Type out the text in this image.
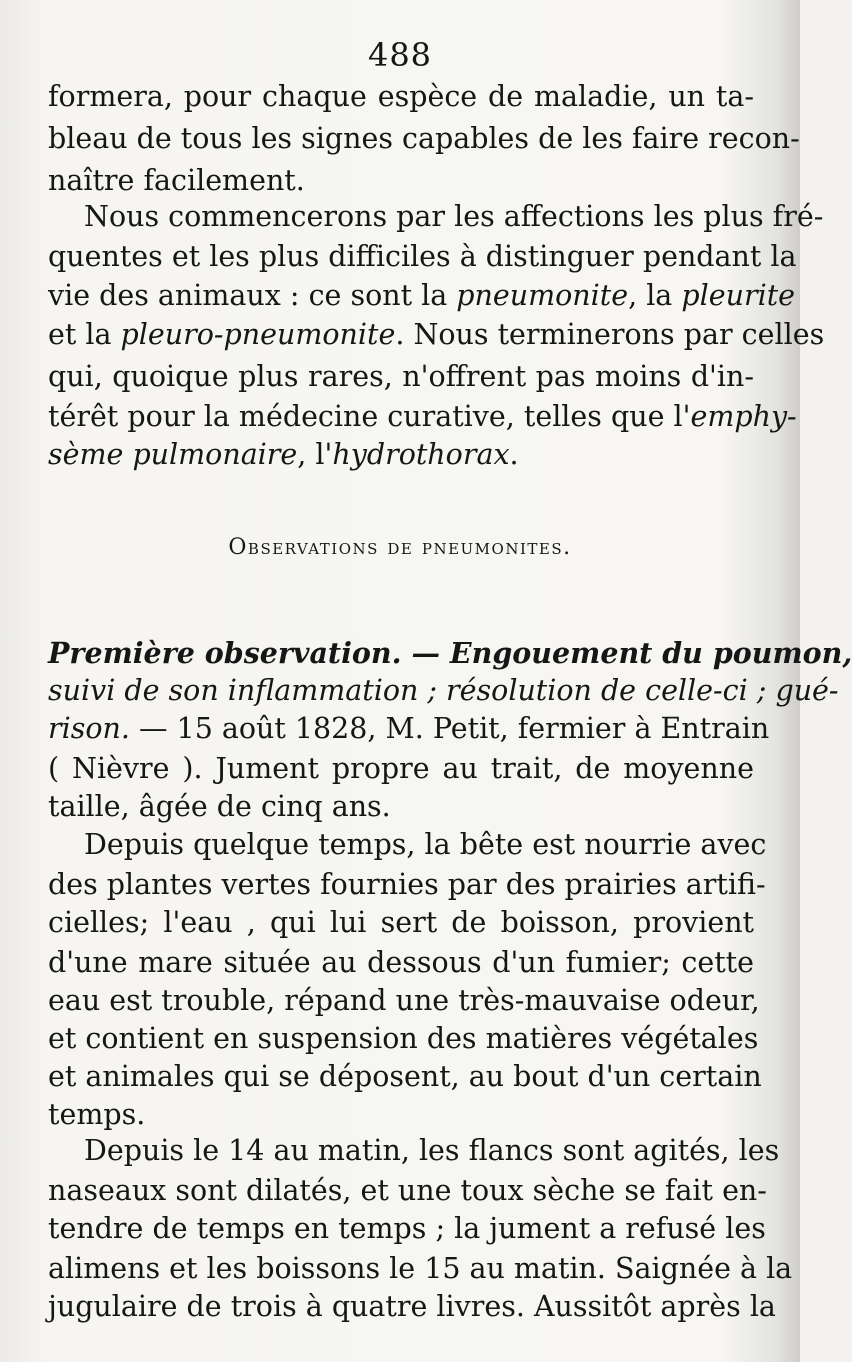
488
formera, pour chaque espèce de maladie, un ta-
bleau de tous les signes capables de les faire recon-
naître facilement.
Nous commencerons par les affections les plus fré-
quentes et les plus difficiles à distinguer pendant la
vie des animaux : ce sont la pneumonite, la pleurite
et la pleuro-pneumonite. Nous terminerons par celles
qui, quoique plus rares, n'offrent pas moins d'in-
térêt pour la médecine curative, telles que l'emphy-
sème pulmonaire, l'hydrothorax.
Observations de pneumonites.
Première observation. — Engouement du poumon,
suivi de son inflammation ; résolution de celle-ci ; gué-
rison. — 15 août 1828, M. Petit, fermier à Entrain
( Nièvre ). Jument propre au trait, de moyenne
taille, âgée de cinq ans.
Depuis quelque temps, la bête est nourrie avec
des plantes vertes fournies par des prairies artifi-
cielles; l'eau , qui lui sert de boisson, provient
d'une mare située au dessous d'un fumier; cette
eau est trouble, répand une très-mauvaise odeur,
et contient en suspension des matières végétales
et animales qui se déposent, au bout d'un certain
temps.
Depuis le 14 au matin, les flancs sont agités, les
naseaux sont dilatés, et une toux sèche se fait en-
tendre de temps en temps ; la jument a refusé les
alimens et les boissons le 15 au matin. Saignée à la
jugulaire de trois à quatre livres. Aussitôt après la
